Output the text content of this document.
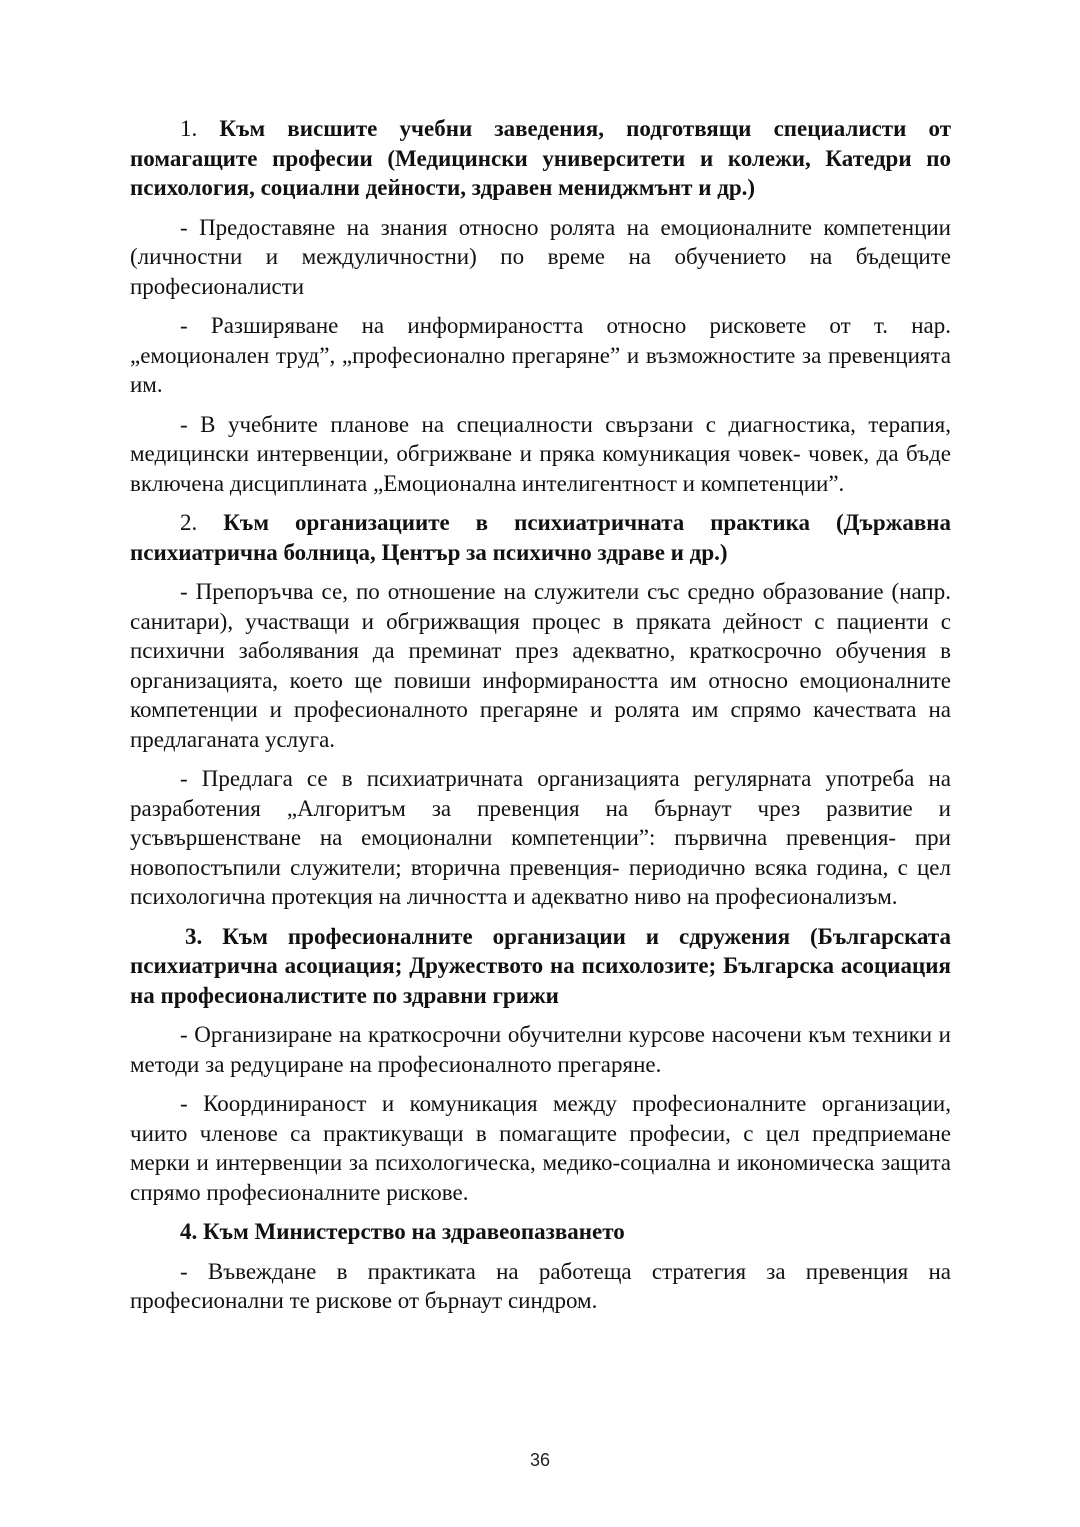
1. Към висшите учебни заведения, подготвящи специалисти от помагащите професии (Медицински университети и колежи, Катедри по психология, социални дейности, здравен мениджмънт и др.)

- Предоставяне на знания относно ролята на емоционалните компетенции (личностни и междуличностни) по време на обучението на бъдещите професионалисти

- Разширяване на информираността относно рисковете от т. нар. „емоционален труд”, „професионално прегаряне” и възможностите за превенцията им.

- В учебните планове на специалности свързани с диагностика, терапия, медицински интервенции, обгрижване и пряка комуникация човек- човек, да бъде включена дисциплината „Емоционална интелигентност и компетенции”.

2. Към организациите в психиатричната практика (Държавна психиатрична болница, Център за психично здраве и др.)

- Препоръчва се, по отношение на служители със средно образование (напр. санитари), участващи и обгрижващия процес в пряката дейност с пациенти с психични заболявания да преминат през адекватно, краткосрочно обучения в организацията, което ще повиши информираността им относно емоционалните компетенции и професионалното прегаряне и ролята им спрямо качествата на предлаганата услуга.

- Предлага се в психиатричната организацията регулярната употреба на разработения „Алгоритъм за превенция на бърнаут чрез развитие и усъвършенстване на емоционални компетенции”: първична превенция- при новопостъпили служители; вторична превенция- периодично всяка година, с цел психологична протекция на личността и адекватно ниво на професионализъм.

3. Към професионалните организации и сдружения (Българската психиатрична асоциация; Дружеството на психолозите; Българска асоциация на професионалистите по здравни грижи

- Организиране на краткосрочни обучителни курсове насочени към техники и методи за редуциране на професионалното прегаряне.

- Координираност и комуникация между професионалните организации, чиито членове са практикуващи в помагащите професии, с цел предприемане мерки и интервенции за психологическа, медико-социална и икономическа защита спрямо професионалните рискове.

4. Към Министерство на здравеопазването

- Въвеждане в практиката на работеща стратегия за превенция на професионални те рискове от бърнаут синдром.

36
